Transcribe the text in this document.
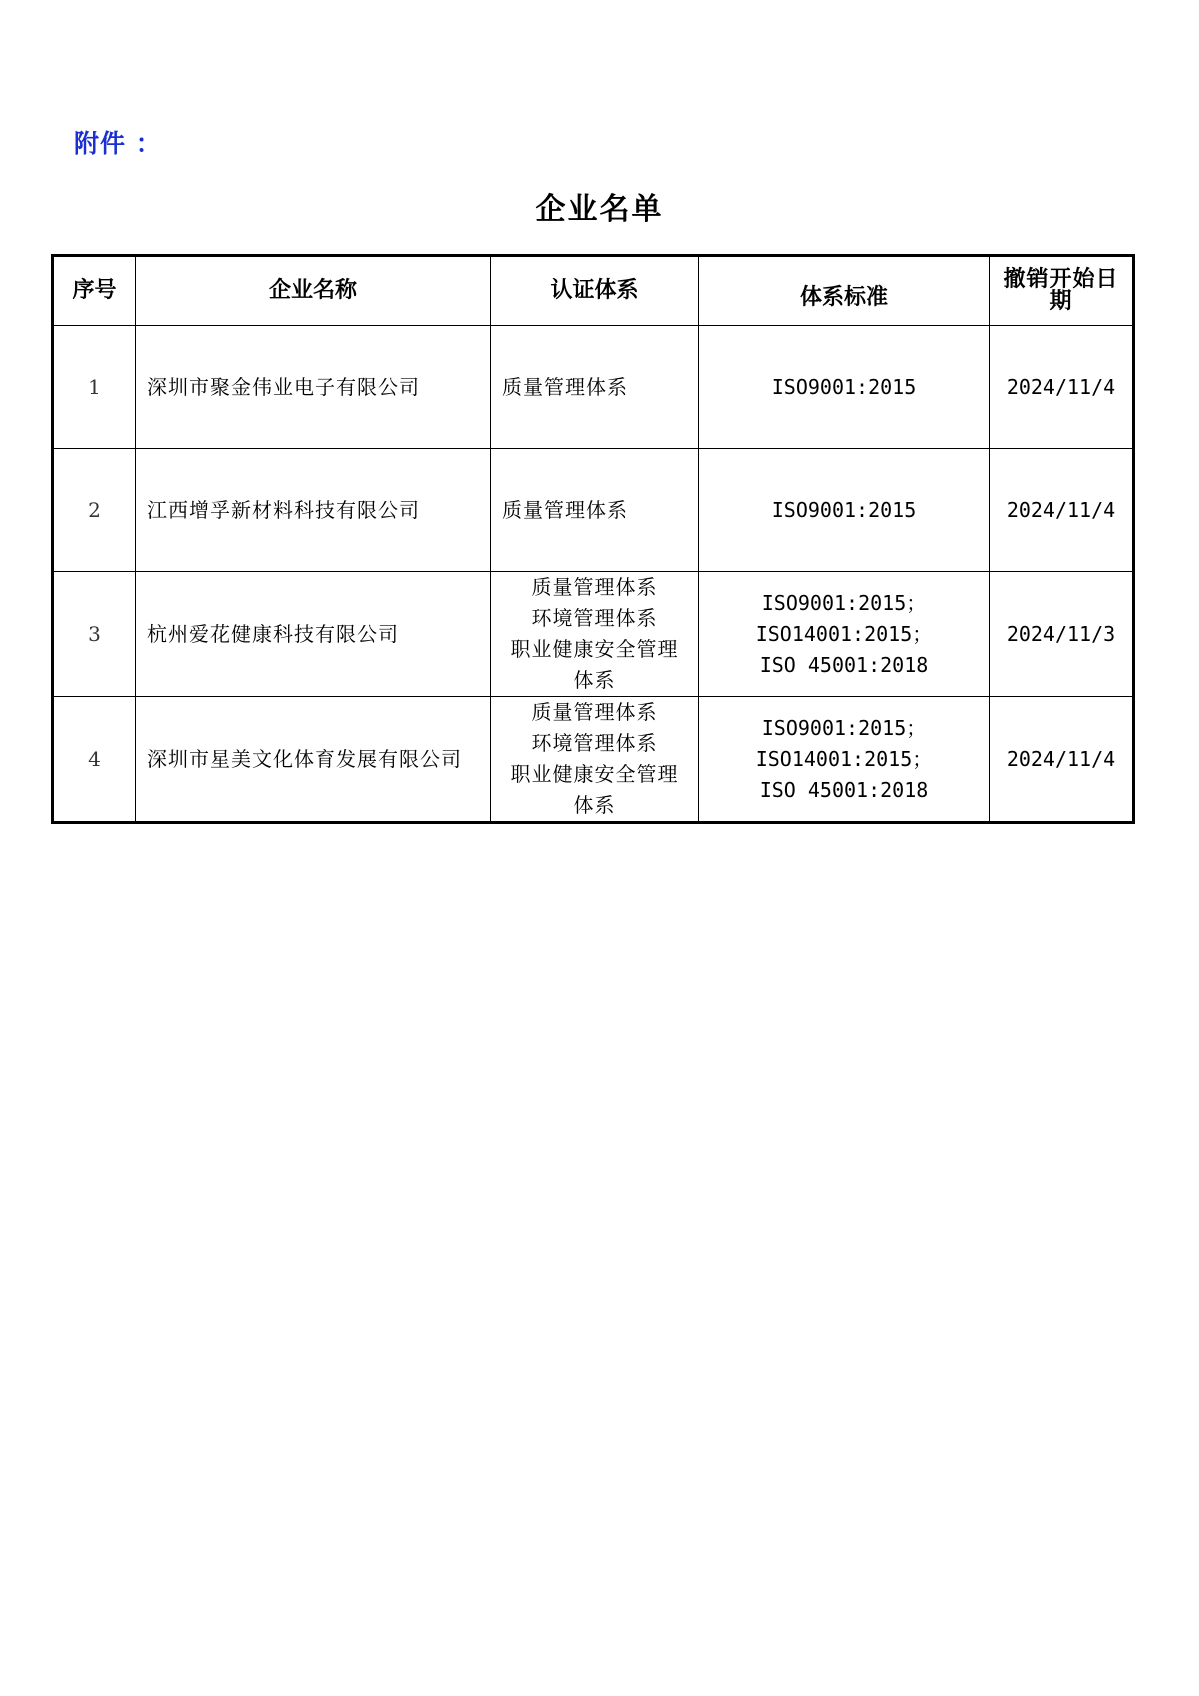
附件 ：
企业名单
序号	企业名称	认证体系	体系标准	撤销开始日
期

1	深圳市聚金伟业电子有限公司	质量管理体系	ISO9001:2015	2024/11/4
2	江西增孚新材料科技有限公司	质量管理体系	ISO9001:2015	2024/11/4
3	杭州爱花健康科技有限公司	质量管理体系
环境管理体系
职业健康安全管理
体系	ISO9001:2015；
ISO14001:2015；
ISO 45001:2018	2024/11/3
4	深圳市星美文化体育发展有限公司	质量管理体系
环境管理体系
职业健康安全管理
体系	ISO9001:2015；
ISO14001:2015；
ISO 45001:2018	2024/11/4
